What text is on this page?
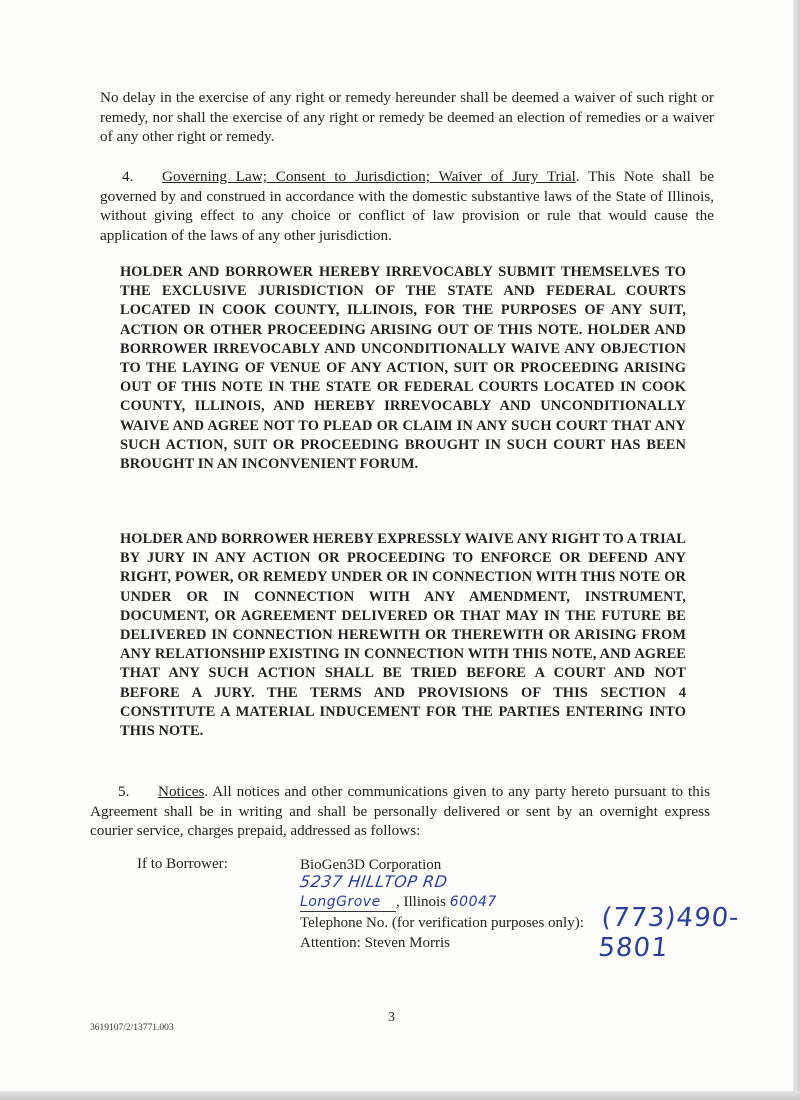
No delay in the exercise of any right or remedy hereunder shall be deemed a waiver of such right or remedy, nor shall the exercise of any right or remedy be deemed an election of remedies or a waiver of any other right or remedy.

4. Governing Law; Consent to Jurisdiction; Waiver of Jury Trial. This Note shall be governed by and construed in accordance with the domestic substantive laws of the State of Illinois, without giving effect to any choice or conflict of law provision or rule that would cause the application of the laws of any other jurisdiction.

HOLDER AND BORROWER HEREBY IRREVOCABLY SUBMIT THEMSELVES TO THE EXCLUSIVE JURISDICTION OF THE STATE AND FEDERAL COURTS LOCATED IN COOK COUNTY, ILLINOIS, FOR THE PURPOSES OF ANY SUIT, ACTION OR OTHER PROCEEDING ARISING OUT OF THIS NOTE. HOLDER AND BORROWER IRREVOCABLY AND UNCONDITIONALLY WAIVE ANY OBJECTION TO THE LAYING OF VENUE OF ANY ACTION, SUIT OR PROCEEDING ARISING OUT OF THIS NOTE IN THE STATE OR FEDERAL COURTS LOCATED IN COOK COUNTY, ILLINOIS, AND HEREBY IRREVOCABLY AND UNCONDITIONALLY WAIVE AND AGREE NOT TO PLEAD OR CLAIM IN ANY SUCH COURT THAT ANY SUCH ACTION, SUIT OR PROCEEDING BROUGHT IN SUCH COURT HAS BEEN BROUGHT IN AN INCONVENIENT FORUM.

HOLDER AND BORROWER HEREBY EXPRESSLY WAIVE ANY RIGHT TO A TRIAL BY JURY IN ANY ACTION OR PROCEEDING TO ENFORCE OR DEFEND ANY RIGHT, POWER, OR REMEDY UNDER OR IN CONNECTION WITH THIS NOTE OR UNDER OR IN CONNECTION WITH ANY AMENDMENT, INSTRUMENT, DOCUMENT, OR AGREEMENT DELIVERED OR THAT MAY IN THE FUTURE BE DELIVERED IN CONNECTION HEREWITH OR THEREWITH OR ARISING FROM ANY RELATIONSHIP EXISTING IN CONNECTION WITH THIS NOTE, AND AGREE THAT ANY SUCH ACTION SHALL BE TRIED BEFORE A COURT AND NOT BEFORE A JURY. THE TERMS AND PROVISIONS OF THIS SECTION 4 CONSTITUTE A MATERIAL INDUCEMENT FOR THE PARTIES ENTERING INTO THIS NOTE.

5. Notices. All notices and other communications given to any party hereto pursuant to this Agreement shall be in writing and shall be personally delivered or sent by an overnight express courier service, charges prepaid, addressed as follows:

If to Borrower:	BioGen3D Corporation
5237 HILLTOP RD
LongGrove , Illinois 60047
Telephone No. (for verification purposes only): (773)490-5801
Attention: Steven Morris
3
3619107/2/13771.003
